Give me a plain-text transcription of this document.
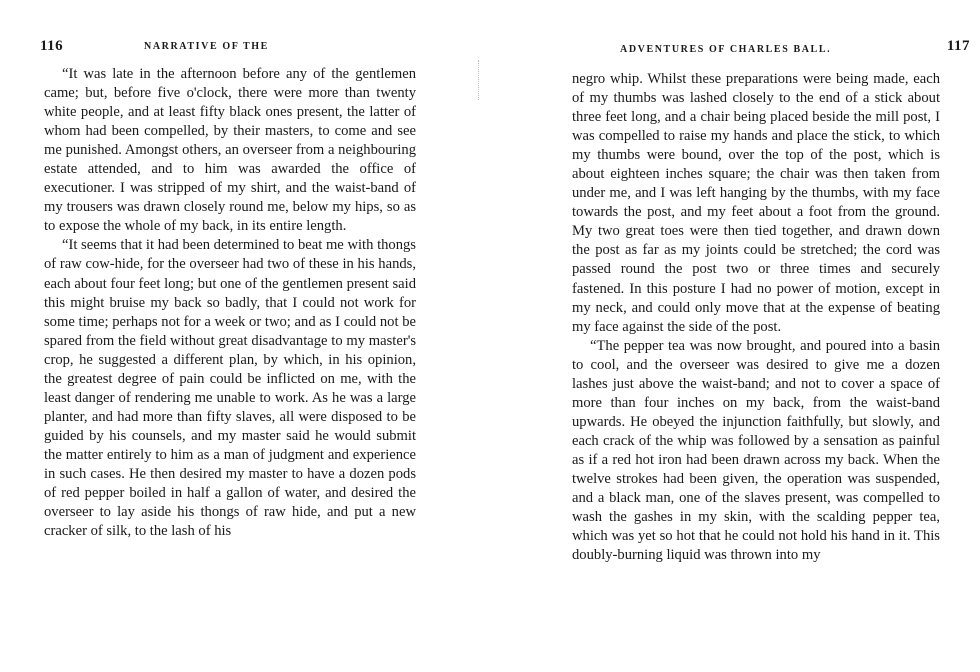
116	NARRATIVE OF THE

“It was late in the afternoon before any of the gentlemen came; but, before five o'clock, there were more than twenty white people, and at least fifty black ones present, the latter of whom had been compelled, by their masters, to come and see me punished. Amongst others, an overseer from a neighbouring estate attended, and to him was awarded the office of executioner. I was stripped of my shirt, and the waist-band of my trousers was drawn closely round me, below my hips, so as to expose the whole of my back, in its entire length.

“It seems that it had been determined to beat me with thongs of raw cow-hide, for the overseer had two of these in his hands, each about four feet long; but one of the gentlemen present said this might bruise my back so badly, that I could not work for some time; perhaps not for a week or two; and as I could not be spared from the field without great disadvantage to my master's crop, he suggested a different plan, by which, in his opinion, the greatest degree of pain could be inflicted on me, with the least danger of rendering me unable to work. As he was a large planter, and had more than fifty slaves, all were disposed to be guided by his counsels, and my master said he would submit the matter entirely to him as a man of judgment and experience in such cases. He then desired my master to have a dozen pods of red pepper boiled in half a gallon of water, and desired the overseer to lay aside his thongs of raw hide, and put a new cracker of silk, to the lash of his

ADVENTURES OF CHARLES BALL.	117

negro whip. Whilst these preparations were being made, each of my thumbs was lashed closely to the end of a stick about three feet long, and a chair being placed beside the mill post, I was compelled to raise my hands and place the stick, to which my thumbs were bound, over the top of the post, which is about eighteen inches square; the chair was then taken from under me, and I was left hanging by the thumbs, with my face towards the post, and my feet about a foot from the ground. My two great toes were then tied together, and drawn down the post as far as my joints could be stretched; the cord was passed round the post two or three times and securely fastened. In this posture I had no power of motion, except in my neck, and could only move that at the expense of beating my face against the side of the post.

“The pepper tea was now brought, and poured into a basin to cool, and the overseer was desired to give me a dozen lashes just above the waist-band; and not to cover a space of more than four inches on my back, from the waist-band upwards. He obeyed the injunction faithfully, but slowly, and each crack of the whip was followed by a sensation as painful as if a red hot iron had been drawn across my back. When the twelve strokes had been given, the operation was suspended, and a black man, one of the slaves present, was compelled to wash the gashes in my skin, with the scalding pepper tea, which was yet so hot that he could not hold his hand in it. This doubly-burning liquid was thrown into my
